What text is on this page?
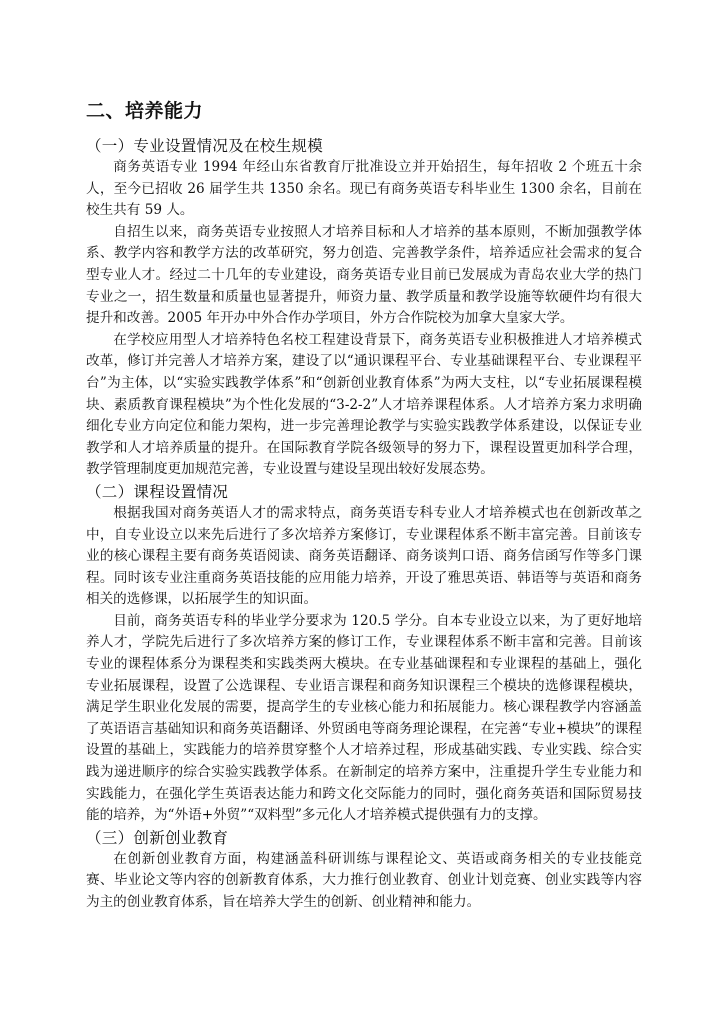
二、培养能力
（一）专业设置情况及在校生规模

商务英语专业 1994 年经山东省教育厅批准设立并开始招生，每年招收 2 个班五十余人，至今已招收 26 届学生共 1350 余名。现已有商务英语专科毕业生 1300 余名，目前在校生共有 59 人。

自招生以来，商务英语专业按照人才培养目标和人才培养的基本原则，不断加强教学体系、教学内容和教学方法的改革研究，努力创造、完善教学条件，培养适应社会需求的复合型专业人才。经过二十几年的专业建设，商务英语专业目前已发展成为青岛农业大学的热门专业之一，招生数量和质量也显著提升，师资力量、教学质量和教学设施等软硬件均有很大提升和改善。2005 年开办中外合作办学项目，外方合作院校为加拿大皇家大学。

在学校应用型人才培养特色名校工程建设背景下，商务英语专业积极推进人才培养模式改革，修订并完善人才培养方案，建设了以“通识课程平台、专业基础课程平台、专业课程平台”为主体，以“实验实践教学体系”和“创新创业教育体系”为两大支柱，以“专业拓展课程模块、素质教育课程模块”为个性化发展的“3-2-2”人才培养课程体系。人才培养方案力求明确细化专业方向定位和能力架构，进一步完善理论教学与实验实践教学体系建设，以保证专业教学和人才培养质量的提升。在国际教育学院各级领导的努力下，课程设置更加科学合理，教学管理制度更加规范完善，专业设置与建设呈现出较好发展态势。

（二）课程设置情况

根据我国对商务英语人才的需求特点，商务英语专科专业人才培养模式也在创新改革之中，自专业设立以来先后进行了多次培养方案修订，专业课程体系不断丰富完善。目前该专业的核心课程主要有商务英语阅读、商务英语翻译、商务谈判口语、商务信函写作等多门课程。同时该专业注重商务英语技能的应用能力培养，开设了雅思英语、韩语等与英语和商务相关的选修课，以拓展学生的知识面。

目前，商务英语专科的毕业学分要求为 120.5 学分。自本专业设立以来，为了更好地培养人才，学院先后进行了多次培养方案的修订工作，专业课程体系不断丰富和完善。目前该专业的课程体系分为课程类和实践类两大模块。在专业基础课程和专业课程的基础上，强化专业拓展课程，设置了公选课程、专业语言课程和商务知识课程三个模块的选修课程模块，满足学生职业化发展的需要，提高学生的专业核心能力和拓展能力。核心课程教学内容涵盖了英语语言基础知识和商务英语翻译、外贸函电等商务理论课程，在完善“专业+模块”的课程设置的基础上，实践能力的培养贯穿整个人才培养过程，形成基础实践、专业实践、综合实践为递进顺序的综合实验实践教学体系。在新制定的培养方案中，注重提升学生专业能力和实践能力，在强化学生英语表达能力和跨文化交际能力的同时，强化商务英语和国际贸易技能的培养，为“外语+外贸”“双料型”多元化人才培养模式提供强有力的支撑。

（三）创新创业教育

在创新创业教育方面，构建涵盖科研训练与课程论文、英语或商务相关的专业技能竞赛、毕业论文等内容的创新教育体系，大力推行创业教育、创业计划竞赛、创业实践等内容为主的创业教育体系，旨在培养大学生的创新、创业精神和能力。
